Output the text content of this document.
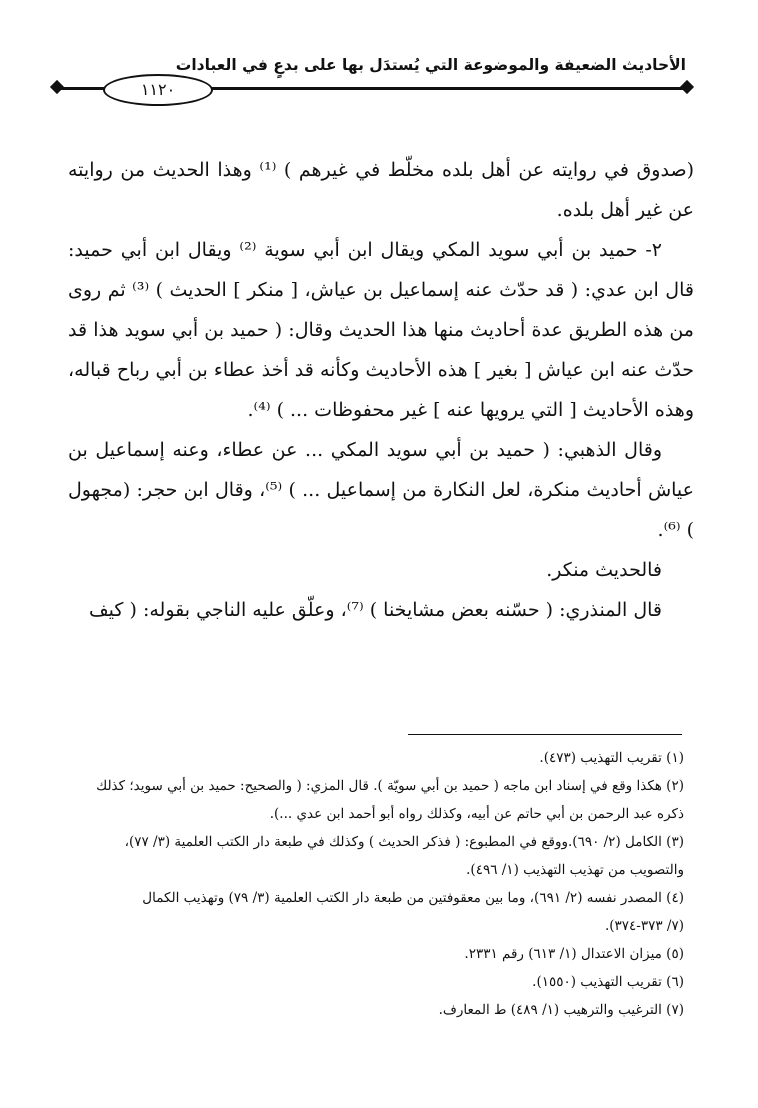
الأحاديث الضعيفة والموضوعة التي يُستدَل بها على بدعٍ في العبادات
١١٢٠

(صدوق في روايته عن أهل بلده مخلّط في غيرهم ) ⁽¹⁾ وهذا الحديث من روايته عن غير أهل بلده.

٢- حميد بن أبي سويد المكي ويقال ابن أبي سوية ⁽²⁾ ويقال ابن أبي حميد: قال ابن عدي: ( قد حدّث عنه إسماعيل بن عياش، [ منكر ] الحديث ) ⁽³⁾ ثم روى من هذه الطريق عدة أحاديث منها هذا الحديث وقال: ( حميد بن أبي سويد هذا قد حدّث عنه ابن عياش [ بغير ] هذه الأحاديث وكأنه قد أخذ عطاء بن أبي رباح قباله، وهذه الأحاديث [ التي يرويها عنه ] غير محفوظات ... ) ⁽⁴⁾.

وقال الذهبي: ( حميد بن أبي سويد المكي ... عن عطاء، وعنه إسماعيل بن عياش أحاديث منكرة، لعل النكارة من إسماعيل ... ) ⁽⁵⁾، وقال ابن حجر: (مجهول ) ⁽⁶⁾.

فالحديث منكر.

قال المنذري: ( حسّنه بعض مشايخنا ) ⁽⁷⁾، وعلّق عليه الناجي بقوله: ( كيف

(١) تقريب التهذيب (٤٧٣).

(٢) هكذا وقع في إسناد ابن ماجه ( حميد بن أبي سويّة ). قال المزي: ( والصحيح: حميد بن أبي سويد؛ كذلك

ذكره عبد الرحمن بن أبي حاتم عن أبيه، وكذلك رواه أبو أحمد ابن عدي ...).

(٣) الكامل (٢/ ٦٩٠).ووقع في المطبوع: ( فذكر الحديث ) وكذلك في طبعة دار الكتب العلمية (٣/ ٧٧)،

والتصويب من تهذيب التهذيب (١/ ٤٩٦).

(٤) المصدر نفسه (٢/ ٦٩١)، وما بين معقوفتين من طبعة دار الكتب العلمية (٣/ ٧٩) وتهذيب الكمال

(٧/ ٣٧٣-٣٧٤).

(٥) ميزان الاعتدال (١/ ٦١٣) رقم ٢٣٣١.

(٦) تقريب التهذيب (١٥٥٠).

(٧) الترغيب والترهيب (١/ ٤٨٩) ط المعارف.
